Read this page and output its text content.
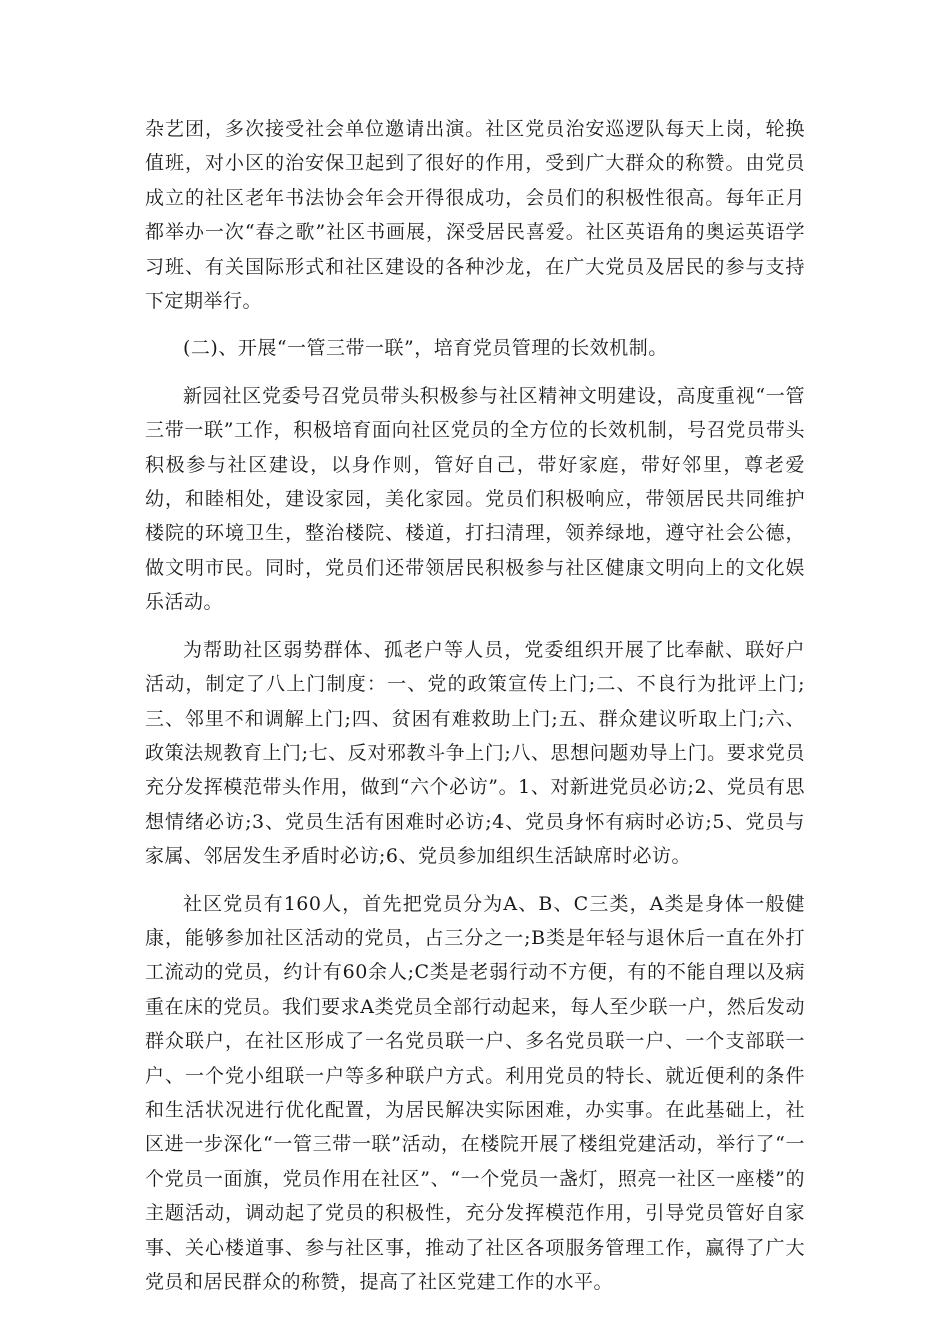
杂艺团，多次接受社会单位邀请出演。社区党员治安巡逻队每天上岗，轮换值班，对小区的治安保卫起到了很好的作用，受到广大群众的称赞。由党员成立的社区老年书法协会年会开得很成功，会员们的积极性很高。每年正月都举办一次“春之歌”社区书画展，深受居民喜爱。社区英语角的奥运英语学习班、有关国际形式和社区建设的各种沙龙，在广大党员及居民的参与支持下定期举行。

(二)、开展“一管三带一联”，培育党员管理的长效机制。

新园社区党委号召党员带头积极参与社区精神文明建设，高度重视“一管三带一联”工作，积极培育面向社区党员的全方位的长效机制，号召党员带头积极参与社区建设，以身作则，管好自己，带好家庭，带好邻里，尊老爱幼，和睦相处，建设家园，美化家园。党员们积极响应，带领居民共同维护楼院的环境卫生，整治楼院、楼道，打扫清理，领养绿地，遵守社会公德，做文明市民。同时，党员们还带领居民积极参与社区健康文明向上的文化娱乐活动。

为帮助社区弱势群体、孤老户等人员，党委组织开展了比奉献、联好户活动，制定了八上门制度：一、党的政策宣传上门;二、不良行为批评上门;三、邻里不和调解上门;四、贫困有难救助上门;五、群众建议听取上门;六、政策法规教育上门;七、反对邪教斗争上门;八、思想问题劝导上门。要求党员充分发挥模范带头作用，做到“六个必访”。1、对新进党员必访;2、党员有思想情绪必访;3、党员生活有困难时必访;4、党员身怀有病时必访;5、党员与家属、邻居发生矛盾时必访;6、党员参加组织生活缺席时必访。

社区党员有160人，首先把党员分为A、B、C三类，A类是身体一般健康，能够参加社区活动的党员，占三分之一;B类是年轻与退休后一直在外打工流动的党员，约计有60余人;C类是老弱行动不方便，有的不能自理以及病重在床的党员。我们要求A类党员全部行动起来，每人至少联一户，然后发动群众联户，在社区形成了一名党员联一户、多名党员联一户、一个支部联一户、一个党小组联一户等多种联户方式。利用党员的特长、就近便利的条件和生活状况进行优化配置，为居民解决实际困难，办实事。在此基础上，社区进一步深化“一管三带一联”活动，在楼院开展了楼组党建活动，举行了“一个党员一面旗，党员作用在社区”、“一个党员一盏灯，照亮一社区一座楼”的主题活动，调动起了党员的积极性，充分发挥模范作用，引导党员管好自家事、关心楼道事、参与社区事，推动了社区各项服务管理工作，赢得了广大党员和居民群众的称赞，提高了社区党建工作的水平。
